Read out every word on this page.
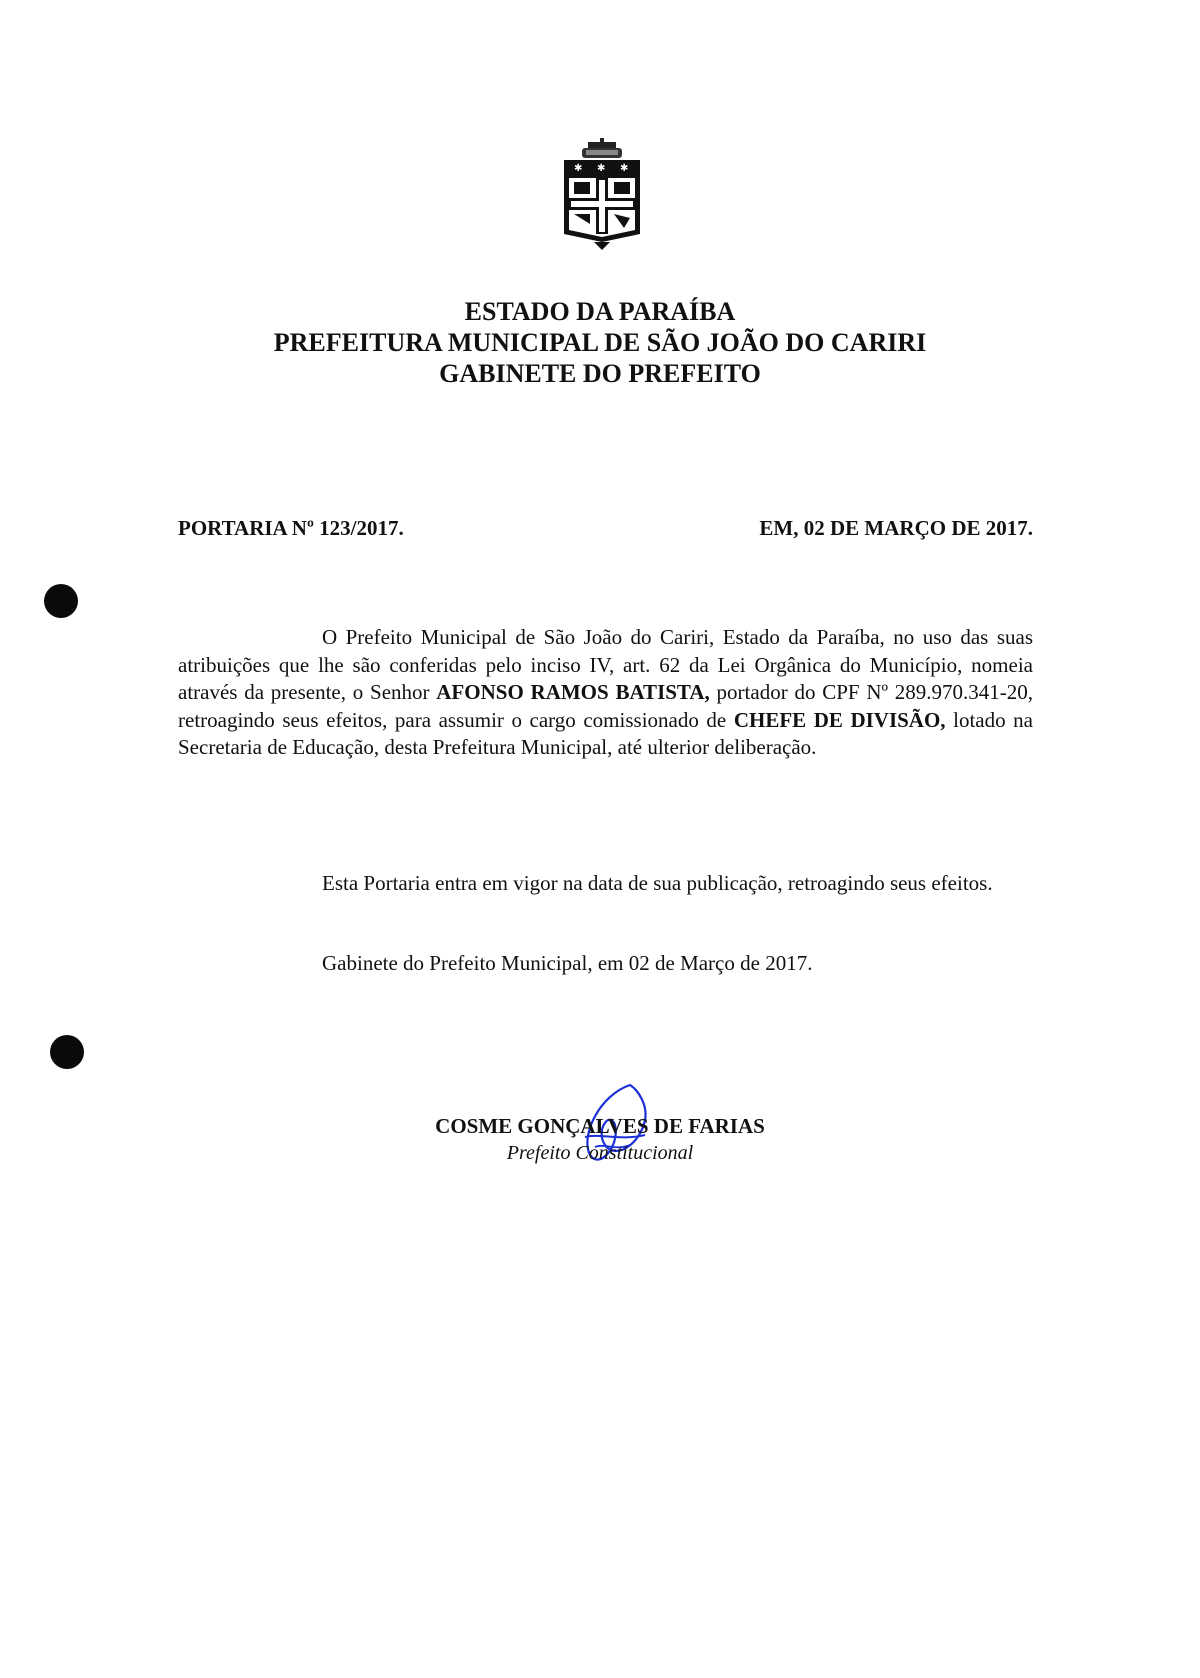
✱ ✱ ✱
ESTADO DA PARAÍBA
PREFEITURA MUNICIPAL DE SÃO JOÃO DO CARIRI
GABINETE DO PREFEITO
PORTARIA Nº 123/2017.	EM, 02 DE MARÇO DE 2017.
O Prefeito Municipal de São João do Cariri, Estado da Paraíba, no uso das suas atribuições que lhe são conferidas pelo inciso IV, art. 62 da Lei Orgânica do Município, nomeia através da presente, o Senhor AFONSO RAMOS BATISTA, portador do CPF Nº 289.970.341-20, retroagindo seus efeitos, para assumir o cargo comissionado de CHEFE DE DIVISÃO, lotado na Secretaria de Educação, desta Prefeitura Municipal, até ulterior deliberação.
Esta Portaria entra em vigor na data de sua publicação, retroagindo seus efeitos.
Gabinete do Prefeito Municipal, em 02 de Março de 2017.
COSME GONÇALVES DE FARIAS
Prefeito Constitucional
